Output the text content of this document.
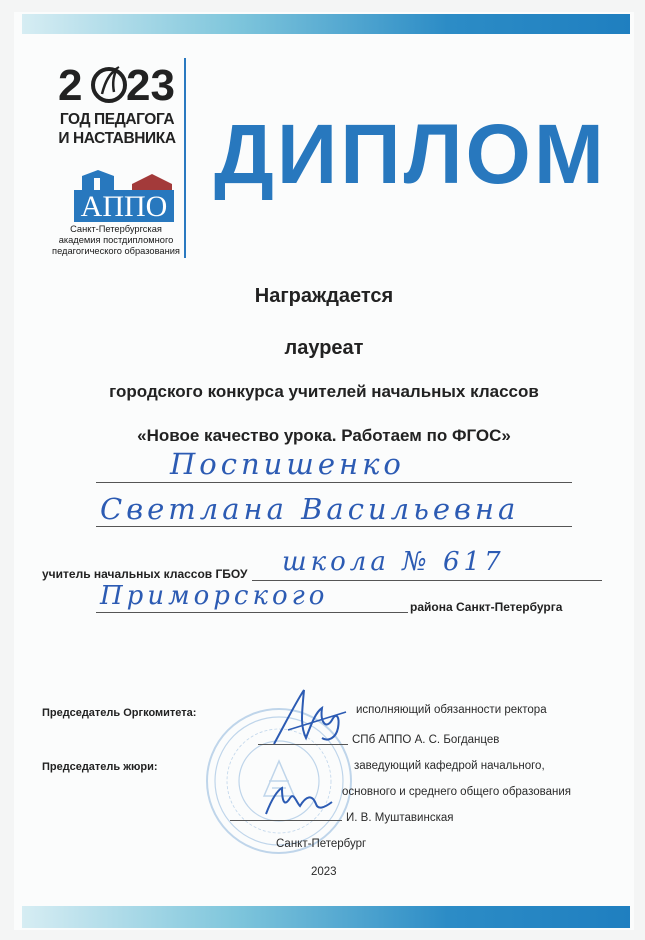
2 23
ГОД ПЕДАГОГА
И НАСТАВНИКА
АППО
Санкт-Петербургская
академия постдипломного
педагогического образования
ДИПЛОМ
Награждается
лауреат
городского конкурса учителей начальных классов
«Новое качество урока. Работаем по ФГОС»
Поспишенко
Светлана Васильевна
учитель начальных классов ГБОУ школа № 617
Приморского	района Санкт-Петербурга
Председатель Оргкомитета:	исполняющий обязанности ректора
СПб АППО А. С. Богданцев
Председатель жюри:	заведующий кафедрой начального,
основного и среднего общего образования
И. В. Муштавинская
Санкт-Петербург
2023
